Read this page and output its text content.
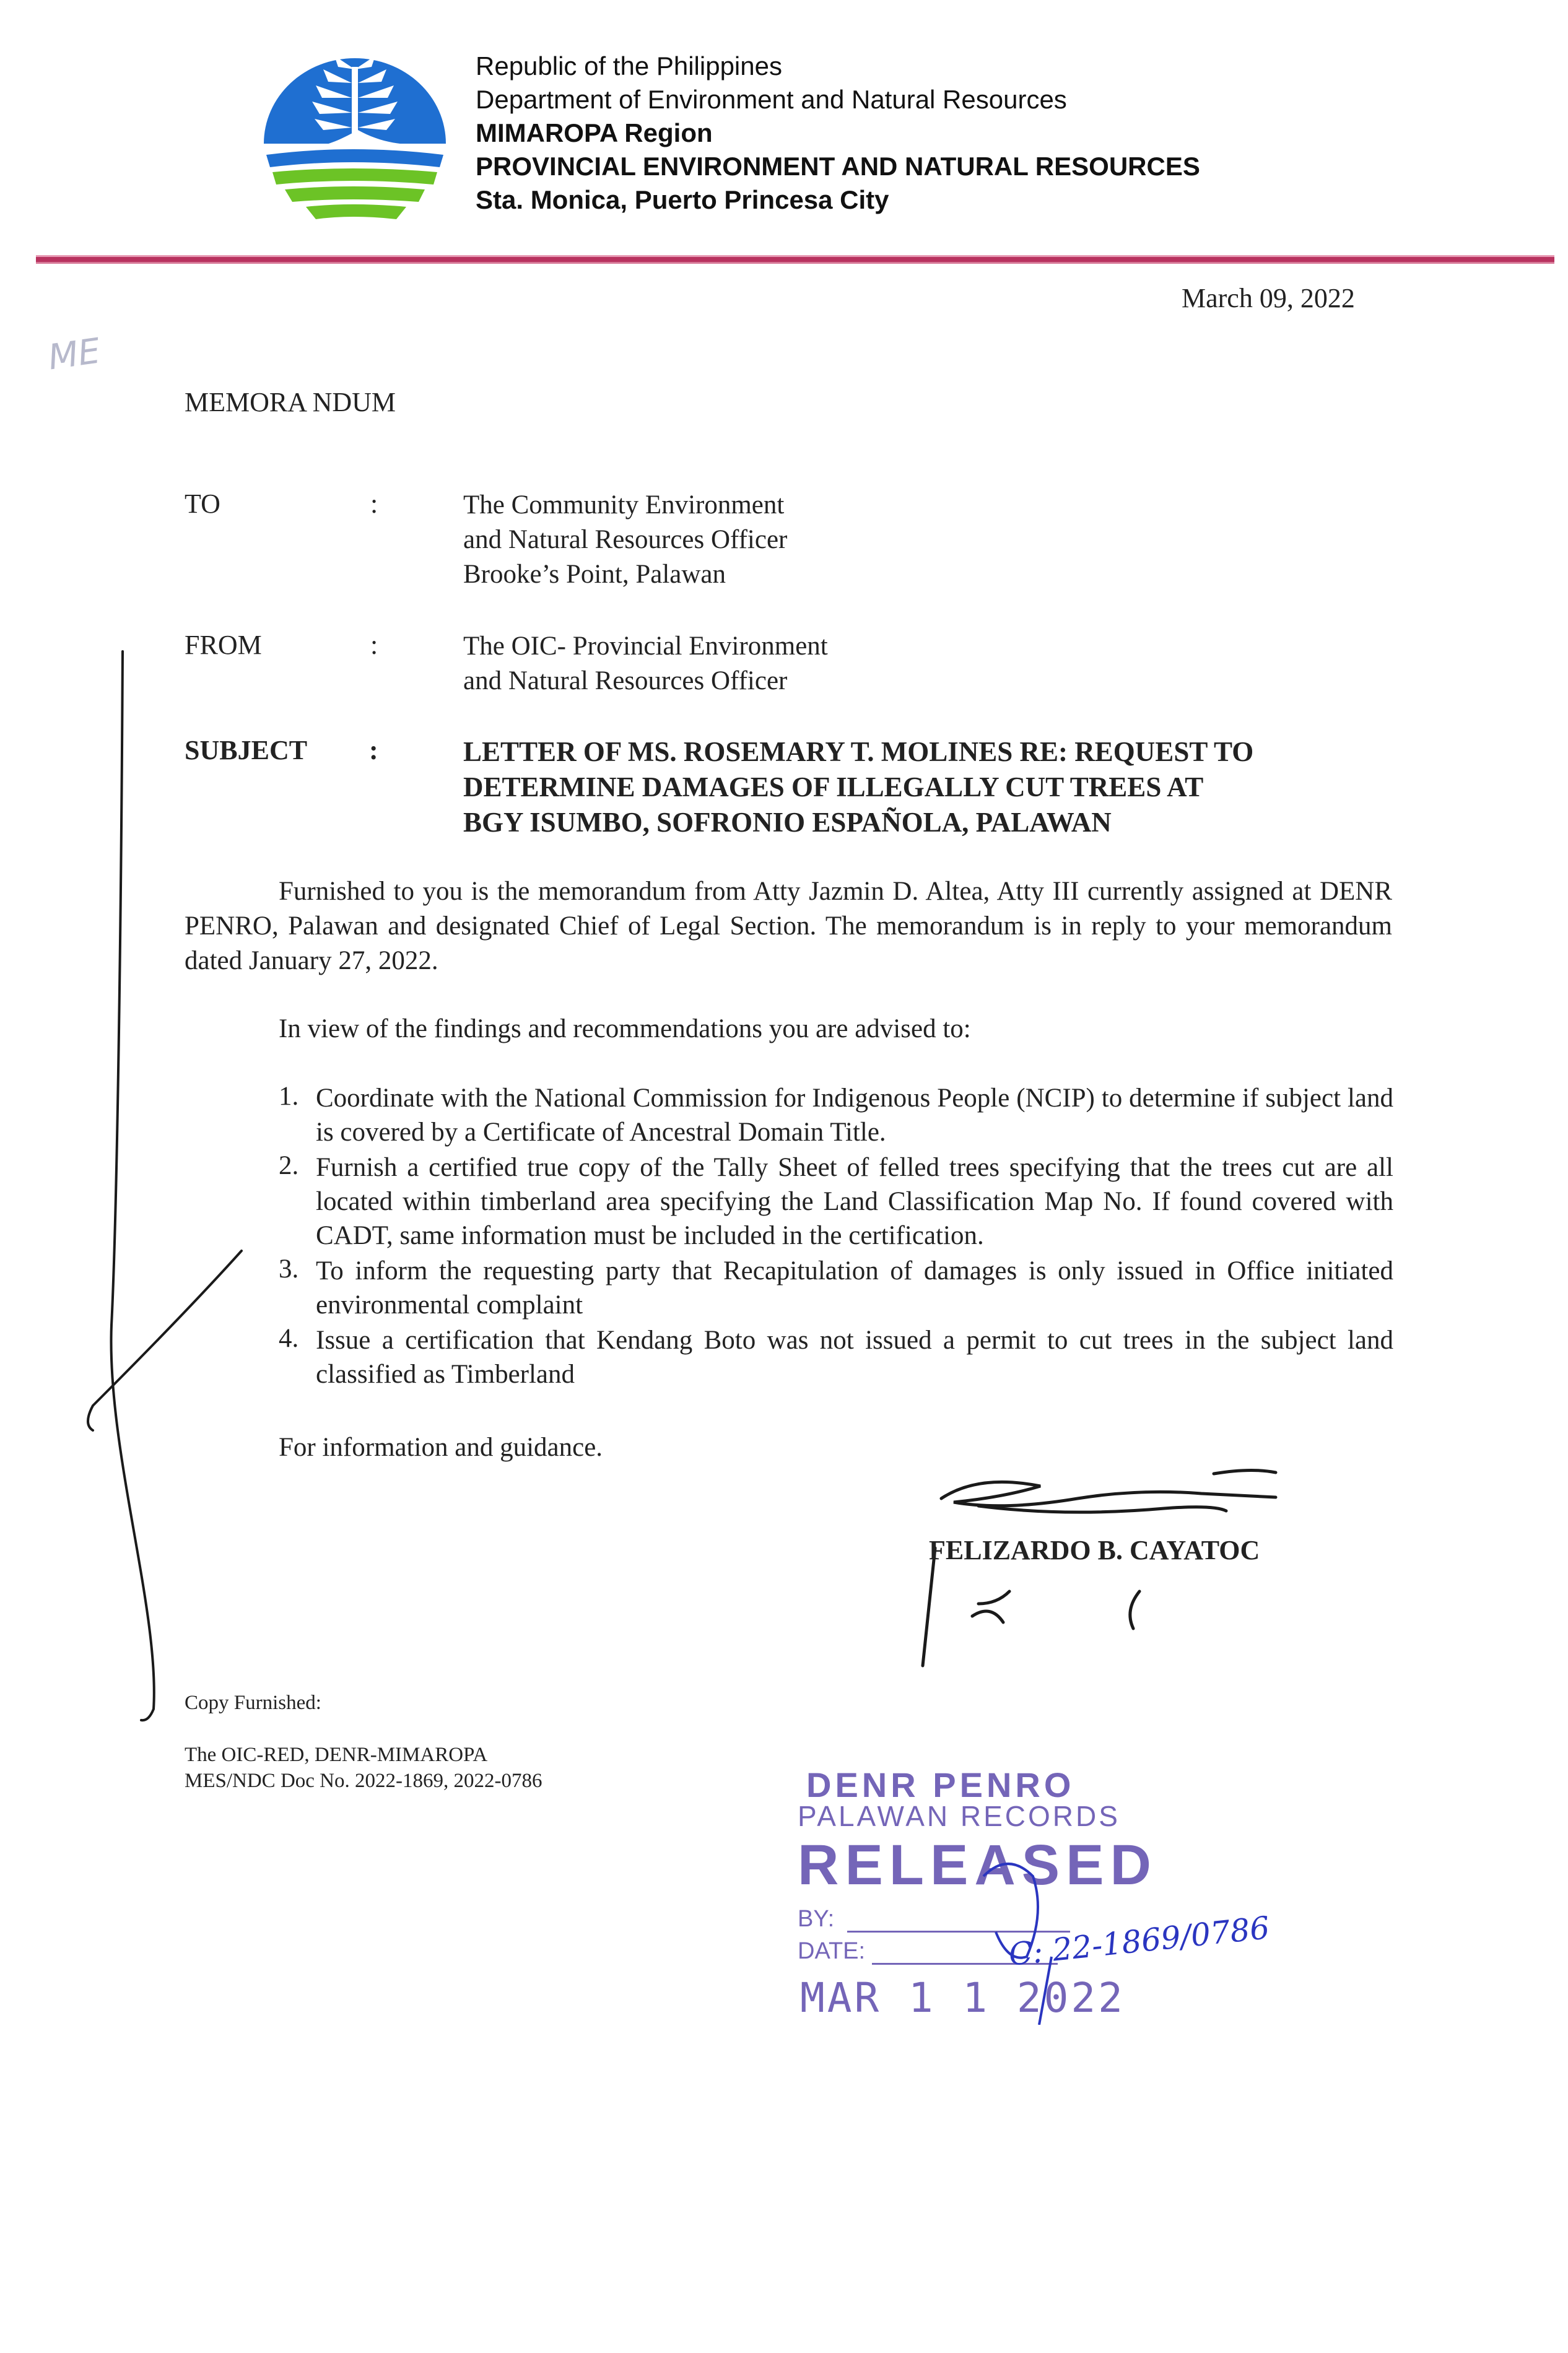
Republic of the Philippines
Department of Environment and Natural Resources
MIMAROPA Region
PROVINCIAL ENVIRONMENT AND NATURAL RESOURCES
Sta. Monica, Puerto Princesa City
March 09, 2022
ME
MEMORA NDUM
TO	:	The Community Environment
and Natural Resources Officer
Brooke’s Point, Palawan
FROM	:	The OIC- Provincial Environment
and Natural Resources Officer
SUBJECT :	LETTER OF MS. ROSEMARY T. MOLINES RE: REQUEST TO
DETERMINE DAMAGES OF ILLEGALLY CUT TREES AT
BGY ISUMBO, SOFRONIO ESPAÑOLA, PALAWAN
Furnished to you is the memorandum from Atty Jazmin D. Altea, Atty III currently assigned at DENR PENRO, Palawan and designated Chief of Legal Section. The memorandum is in reply to your memorandum dated January 27, 2022.
In view of the findings and recommendations you are advised to:
1. Coordinate with the National Commission for Indigenous People (NCIP) to determine if subject land is covered by a Certificate of Ancestral Domain Title.
2. Furnish a certified true copy of the Tally Sheet of felled trees specifying that the trees cut are all located within timberland area specifying the Land Classification Map No. If found covered with CADT, same information must be included in the certification.
3. To inform the requesting party that Recapitulation of damages is only issued in Office initiated environmental complaint
4. Issue a certification that Kendang Boto was not issued a permit to cut trees in the subject land classified as Timberland
For information and guidance.
FELIZARDO B. CAYATOC
Copy Furnished:
The OIC-RED, DENR-MIMAROPA
MES/NDC Doc No. 2022-1869, 2022-0786	DENR PENRO
PALAWAN RECORDS
RELEASED
BY:
DATE:
MAR 1 1 2022
C: 22-1869/0786
